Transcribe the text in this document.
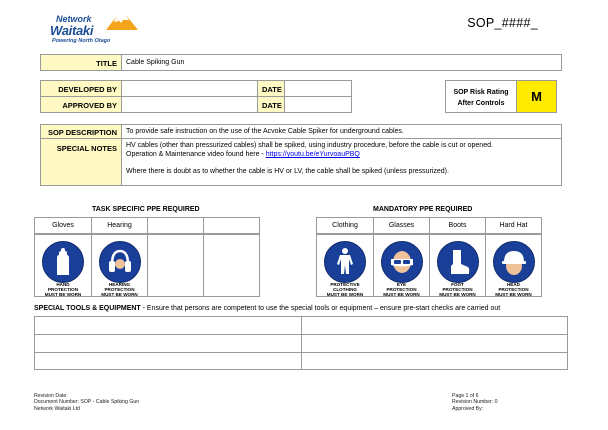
Network
Waitaki
Powering North Otago
SOP_####_
TITLE Cable Spiking Gun
DEVELOPED BY	DATE
APPROVED BY	DATE
SOP Risk Rating
After Controls	M
SOP DESCRIPTION To provide safe instruction on the use of the Acvoke Cable Spiker for underground cables.
SPECIAL NOTES HV cables (other than pressurized cables) shall be spiked, using industry procedure, before the cable is cut or opened.
Operation & Maintenance video found here - https://youtu.be/eYurvoauPBQ
Where there is doubt as to whether the cable is HV or LV, the cable shall be spiked (unless pressurized).
TASK SPECIFIC PPE REQUIRED
Gloves	Hearing
HAND
PROTECTION
MUST BE WORN
HEARING
PROTECTION
MUST BE WORN
MANDATORY PPE REQUIRED
Clothing	Glasses	Boots	Hard Hat
PROTECTIVE
CLOTHING
MUST BE WORN
EYE
PROTECTION
MUST BE WORN
FOOT
PROTECTION
MUST BE WORN
HEAD
PROTECTION
MUST BE WORN
SPECIAL TOOLS & EQUIPMENT - Ensure that persons are competent to use the special tools or equipment – ensure pre-start checks are carried out
Revision Date:
Document Number: SOP - Cable Spiking Gun
Network Waitaki Ltd
Page 1 of 6
Revision Number: 0
Approved By:
